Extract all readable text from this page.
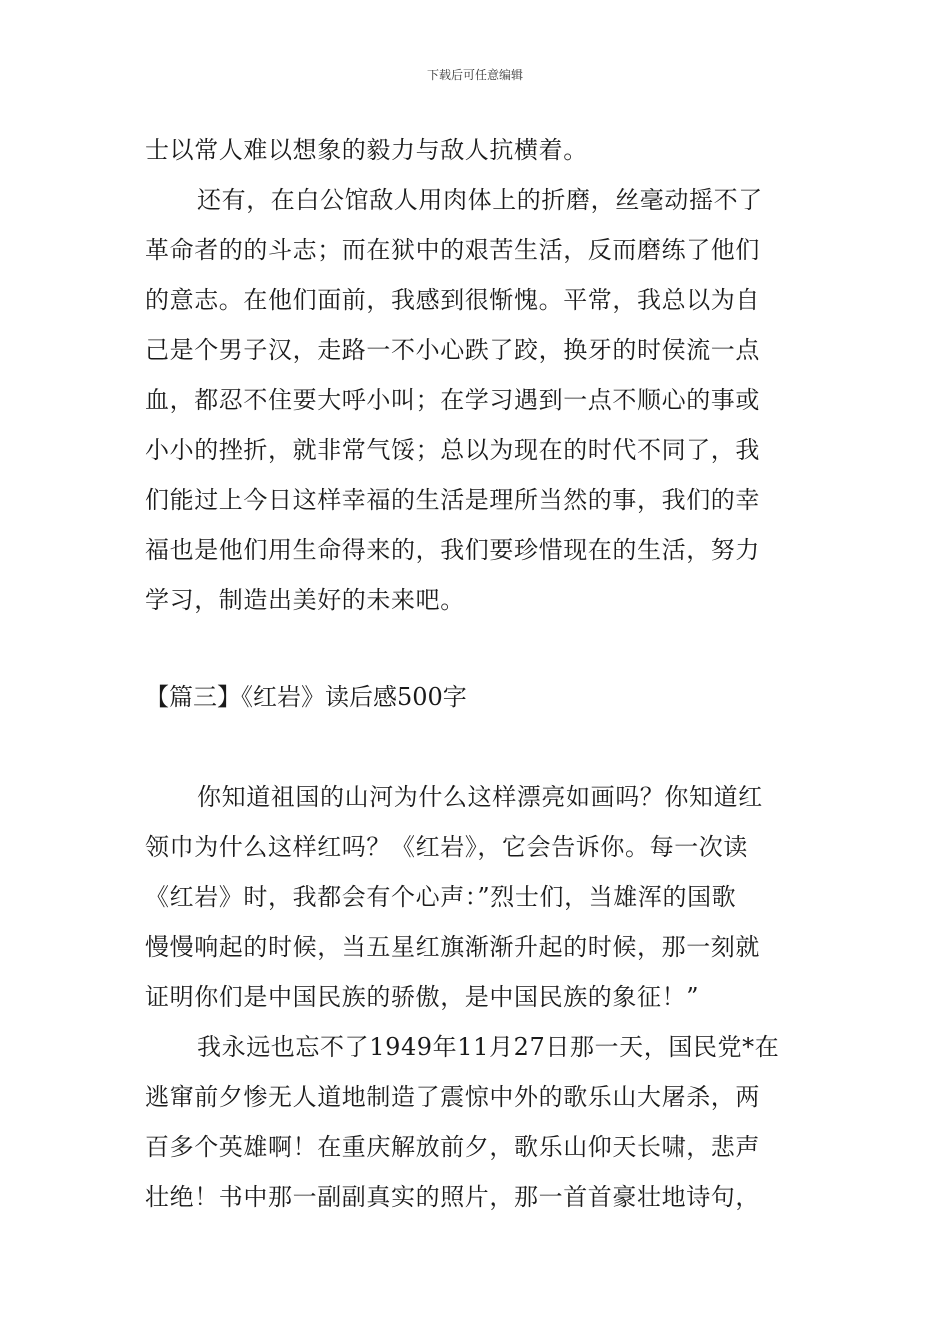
下载后可任意编辑
士以常人难以想象的毅力与敌人抗横着。
还有，在白公馆敌人用肉体上的折磨，丝毫动摇不了
革命者的的斗志；而在狱中的艰苦生活，反而磨练了他们
的意志。在他们面前，我感到很惭愧。平常，我总以为自
己是个男子汉，走路一不小心跌了跤，换牙的时侯流一点
血，都忍不住要大呼小叫；在学习遇到一点不顺心的事或
小小的挫折，就非常气馁；总以为现在的时代不同了，我
们能过上今日这样幸福的生活是理所当然的事，我们的幸
福也是他们用生命得来的，我们要珍惜现在的生活，努力
学习，制造出美好的未来吧。
【篇三】《红岩》读后感500字
你知道祖国的山河为什么这样漂亮如画吗？你知道红
领巾为什么这样红吗？《红岩》，它会告诉你。每一次读
《红岩》时，我都会有个心声：”烈士们，当雄浑的国歌
慢慢响起的时候，当五星红旗渐渐升起的时候，那一刻就
证明你们是中国民族的骄傲，是中国民族的象征！”
我永远也忘不了1949年11月27日那一天，国民党*在
逃窜前夕惨无人道地制造了震惊中外的歌乐山大屠杀，两
百多个英雄啊！在重庆解放前夕，歌乐山仰天长啸，悲声
壮绝！书中那一副副真实的照片，那一首首豪壮地诗句，
